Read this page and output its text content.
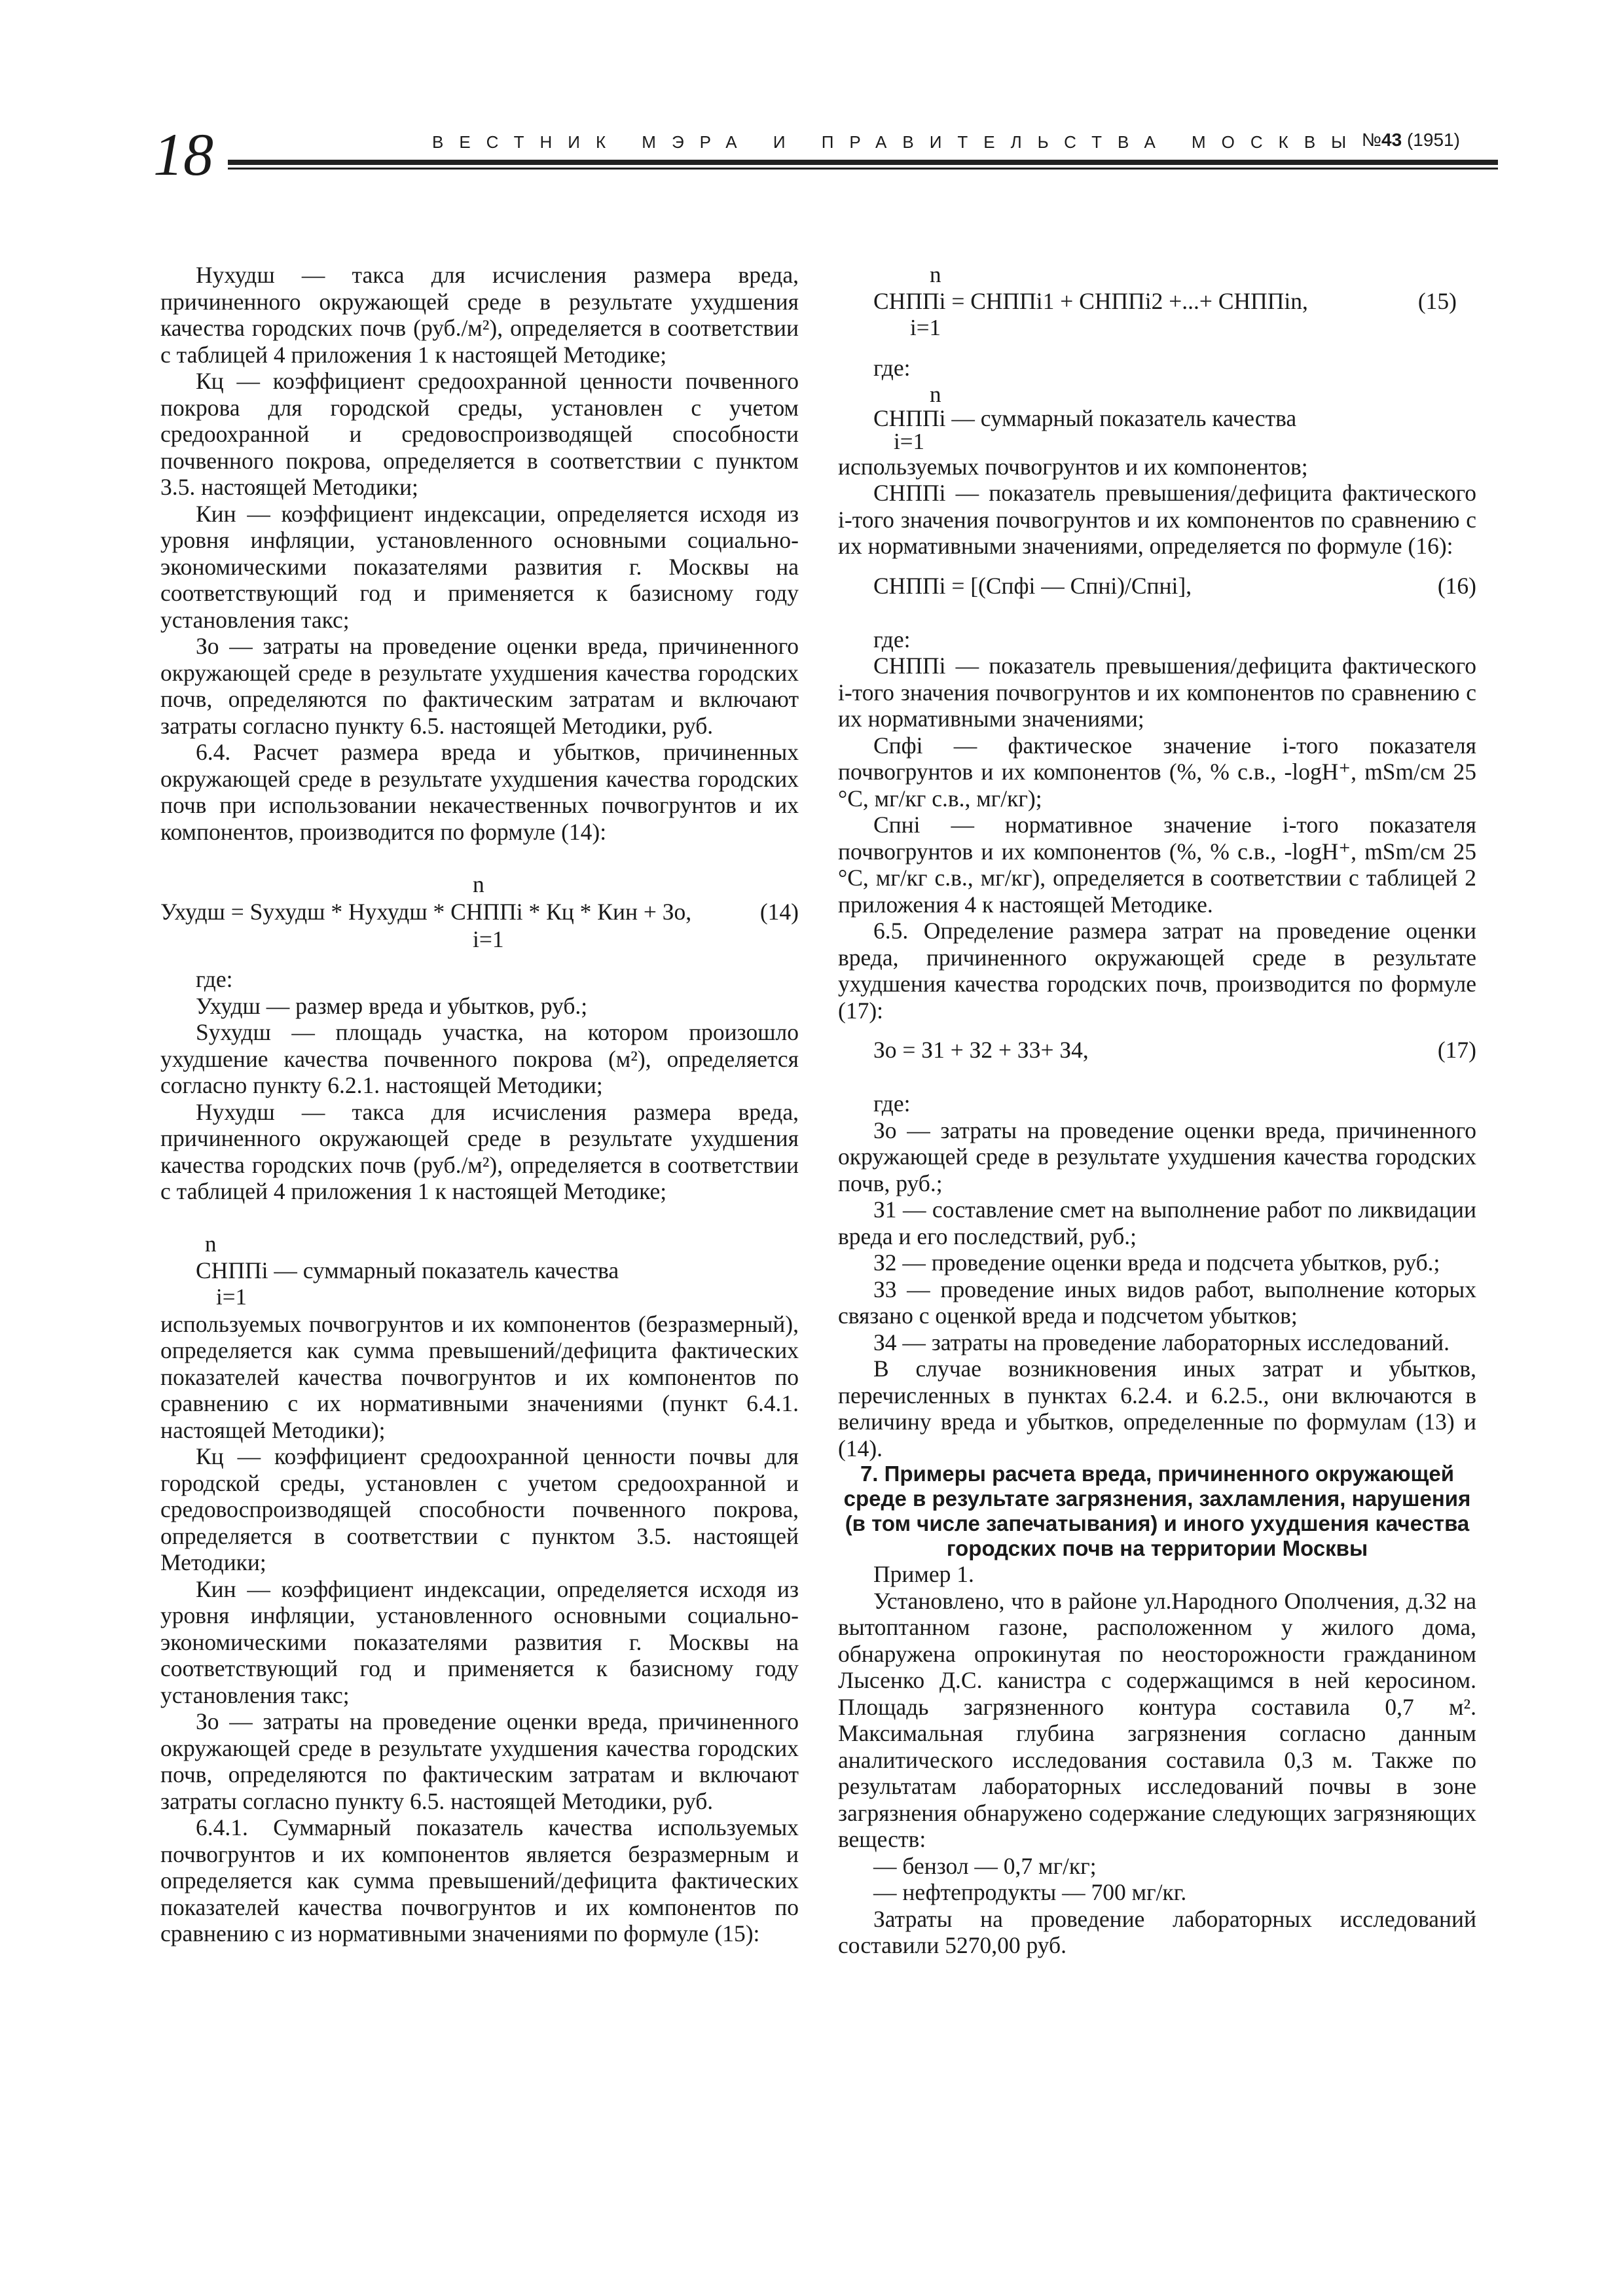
18	ВЕСТНИК МЭРА И ПРАВИТЕЛЬСТВА МОСКВЫ №43 (1951)

Нухудш — такса для исчисления размера вреда, причиненного окружающей среде в результате ухудшения качества городских почв (руб./м²), определяется в соответствии с таблицей 4 приложения 1 к настоящей Методике;

Кц — коэффициент средоохранной ценности почвенного покрова для городской среды, установлен с учетом средоохранной и средовоспроизводящей способности почвенного покрова, определяется в соответствии с пунктом 3.5. настоящей Методики;

Кин — коэффициент индексации, определяется исходя из уровня инфляции, установленного основными социально-экономическими показателями развития г. Москвы на соответствующий год и применяется к базисному году установления такс;

Зо — затраты на проведение оценки вреда, причиненного окружающей среде в результате ухудшения качества городских почв, определяются по фактическим затратам и включают затраты согласно пункту 6.5. настоящей Методики, руб.

6.4. Расчет размера вреда и убытков, причиненных окружающей среде в результате ухудшения качества городских почв при использовании некачественных почвогрунтов и их компонентов, производится по формуле (14):

n
Ухудш = Sухудш * Нухудш * СНППi * Кц * Кин + Зо,
i=1
(14)

где:

Ухудш — размер вреда и убытков, руб.;

Sухудш — площадь участка, на котором произошло ухудшение качества почвенного покрова (м²), определяется согласно пункту 6.2.1. настоящей Методики;

Нухудш — такса для исчисления размера вреда, причиненного окружающей среде в результате ухудшения качества городских почв (руб./м²), определяется в соответствии с таблицей 4 приложения 1 к настоящей Методике;

n
СНППi — суммарный показатель качества
i=1

используемых почвогрунтов и их компонентов (безразмерный), определяется как сумма превышений/дефицита фактических показателей качества почвогрунтов и их компонентов по сравнению с их нормативными значениями (пункт 6.4.1. настоящей Методики);

Кц — коэффициент средоохранной ценности почвы для городской среды, установлен с учетом средоохранной и средовоспроизводящей способности почвенного покрова, определяется в соответствии с пунктом 3.5. настоящей Методики;

Кин — коэффициент индексации, определяется исходя из уровня инфляции, установленного основными социально-экономическими показателями развития г. Москвы на соответствующий год и применяется к базисному году установления такс;

Зо — затраты на проведение оценки вреда, причиненного окружающей среде в результате ухудшения качества городских почв, определяются по фактическим затратам и включают затраты согласно пункту 6.5. настоящей Методики, руб.

6.4.1. Суммарный показатель качества используемых почвогрунтов и их компонентов является безразмерным и определяется как сумма превышений/дефицита фактических показателей качества почвогрунтов и их компонентов по сравнению с из нормативными значениями по формуле (15):

n
СНППi = СНППi1 + СНППi2 +...+ СНППin,	(15)
i=1

где:

n
СНППi — суммарный показатель качества
i=1

используемых почвогрунтов и их компонентов;

СНППi — показатель превышения/дефицита фактического i-того значения почвогрунтов и их компонентов по сравнению с их нормативными значениями, определяется по формуле (16):

СНППi = [(Спфi — Спнi)/Спнi],	(16)

где:

СНППi — показатель превышения/дефицита фактического i-того значения почвогрунтов и их компонентов по сравнению с их нормативными значениями;

Cпфi — фактическое значение i-того показателя почвогрунтов и их компонентов (%, % с.в., -logH⁺, mSm/cм 25 °С, мг/кг с.в., мг/кг);

Cпнi — нормативное значение i-того показателя почвогрунтов и их компонентов (%, % с.в., -logH⁺, mSm/cм 25 °С, мг/кг с.в., мг/кг), определяется в соответствии с таблицей 2 приложения 4 к настоящей Методике.

6.5. Определение размера затрат на проведение оценки вреда, причиненного окружающей среде в результате ухудшения качества городских почв, производится по формуле (17):

Зо = З1 + З2 + З3+ З4,	(17)

где:

Зо — затраты на проведение оценки вреда, причиненного окружающей среде в результате ухудшения качества городских почв, руб.;

З1 — составление смет на выполнение работ по ликвидации вреда и его последствий, руб.;

З2 — проведение оценки вреда и подсчета убытков, руб.;

З3 — проведение иных видов работ, выполнение которых связано с оценкой вреда и подсчетом убытков;

З4 — затраты на проведение лабораторных исследований.

В случае возникновения иных затрат и убытков, перечисленных в пунктах 6.2.4. и 6.2.5., они включаются в величину вреда и убытков, определенные по формулам (13) и (14).

7. Примеры расчета вреда, причиненного окружающей среде в результате загрязнения, захламления, нарушения (в том числе запечатывания) и иного ухудшения качества городских почв на территории Москвы

Пример 1.

Установлено, что в районе ул.Народного Ополчения, д.32 на вытоптанном газоне, расположенном у жилого дома, обнаружена опрокинутая по неосторожности гражданином Лысенко Д.С. канистра с содержащимся в ней керосином. Площадь загрязненного контура составила 0,7 м². Максимальная глубина загрязнения согласно данным аналитического исследования составила 0,3 м. Также по результатам лабораторных исследований почвы в зоне загрязнения обнаружено содержание следующих загрязняющих веществ:

— бензол — 0,7 мг/кг;

— нефтепродукты — 700 мг/кг.

Затраты на проведение лабораторных исследований составили 5270,00 руб.
